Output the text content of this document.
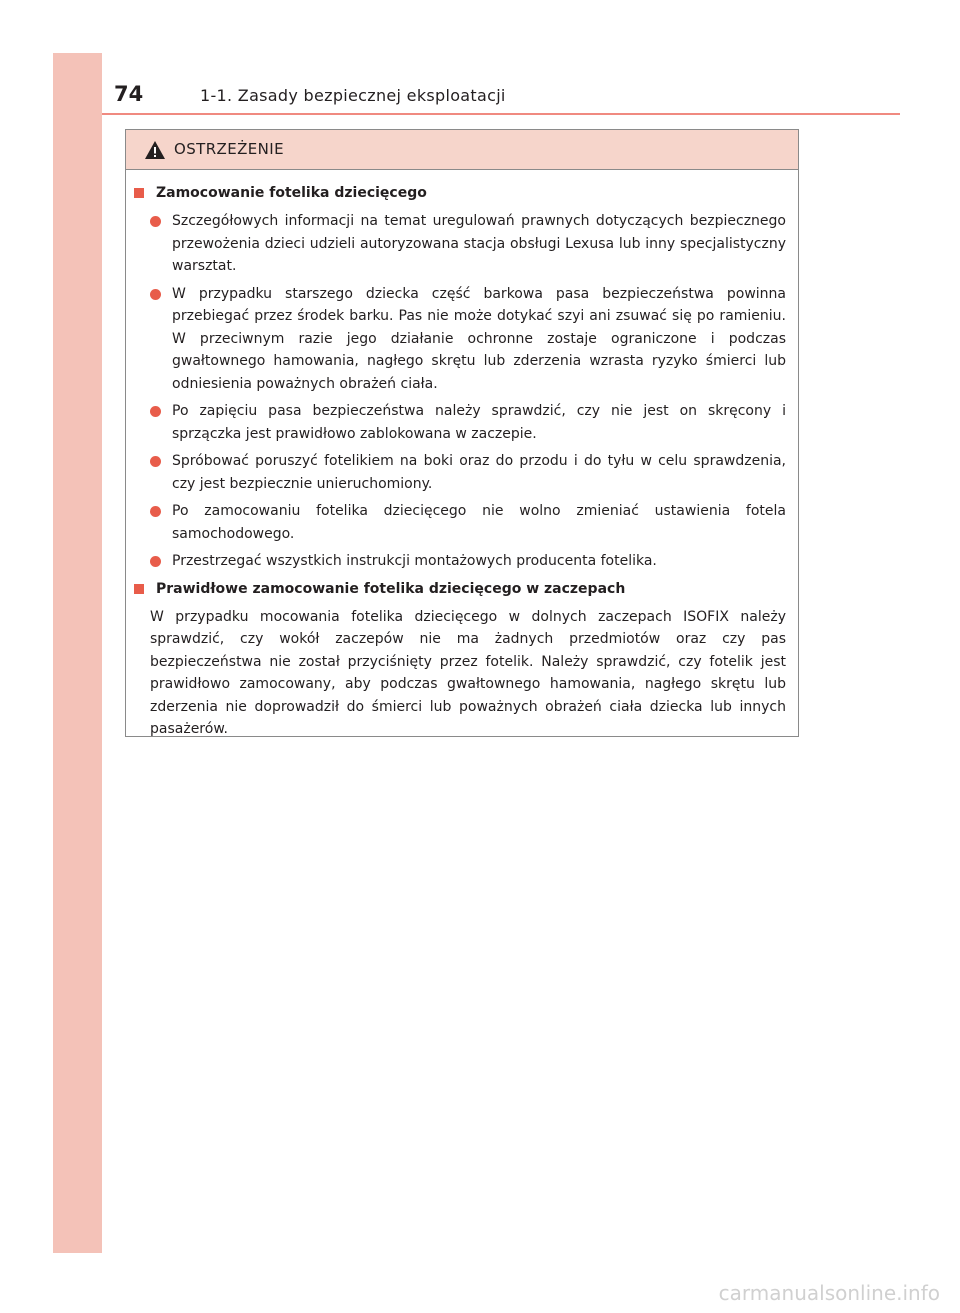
74	1-1. Zasady bezpiecznej eksploatacji
OSTRZEŻENIE
Zamocowanie fotelika dziecięcego
Szczegółowych informacji na temat uregulowań prawnych dotyczących bezpiecznego przewożenia dzieci udzieli autoryzowana stacja obsługi Lexusa lub inny specjalistyczny warsztat.
W przypadku starszego dziecka część barkowa pasa bezpieczeństwa powinna przebiegać przez środek barku. Pas nie może dotykać szyi ani zsuwać się po ramieniu. W przeciwnym razie jego działanie ochronne zostaje ograniczone i podczas gwałtownego hamowania, nagłego skrętu lub zderzenia wzrasta ryzyko śmierci lub odniesienia poważnych obrażeń ciała.
Po zapięciu pasa bezpieczeństwa należy sprawdzić, czy nie jest on skręcony i sprzączka jest prawidłowo zablokowana w zaczepie.
Spróbować poruszyć fotelikiem na boki oraz do przodu i do tyłu w celu sprawdzenia, czy jest bezpiecznie unieruchomiony.
Po zamocowaniu fotelika dziecięcego nie wolno zmieniać ustawienia fotela samochodowego.
Przestrzegać wszystkich instrukcji montażowych producenta fotelika.
Prawidłowe zamocowanie fotelika dziecięcego w zaczepach
W przypadku mocowania fotelika dziecięcego w dolnych zaczepach ISOFIX należy sprawdzić, czy wokół zaczepów nie ma żadnych przedmiotów oraz czy pas bezpieczeństwa nie został przyciśnięty przez fotelik. Należy sprawdzić, czy fotelik jest prawidłowo zamocowany, aby podczas gwałtownego hamowania, nagłego skrętu lub zderzenia nie doprowadził do śmierci lub poważnych obrażeń ciała dziecka lub innych pasażerów.
carmanualsonline.info
